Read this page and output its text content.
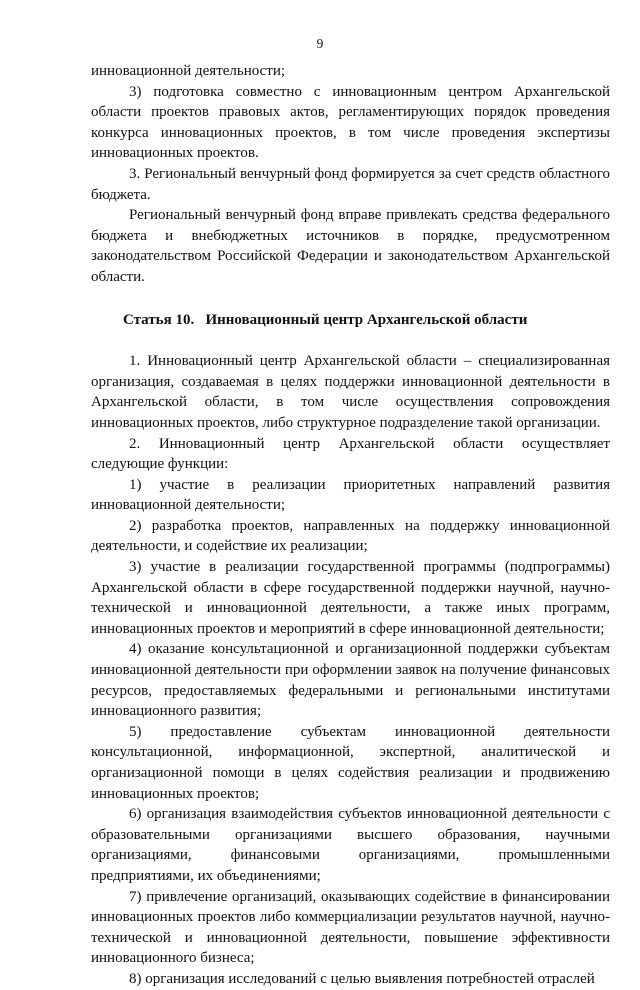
9

инновационной деятельности;

3) подготовка совместно с инновационным центром Архангельской области проектов правовых актов, регламентирующих порядок проведения конкурса инновационных проектов, в том числе проведения экспертизы инновационных проектов.

3. Региональный венчурный фонд формируется за счет средств областного бюджета.

Региональный венчурный фонд вправе привлекать средства федерального бюджета и внебюджетных источников в порядке, предусмотренном законодательством Российской Федерации и законодательством Архангельской области.

Статья 10.   Инновационный центр Архангельской области

1. Инновационный центр Архангельской области – специализированная организация, создаваемая в целях поддержки инновационной деятельности в Архангельской области, в том числе осуществления сопровождения инновационных проектов, либо структурное подразделение такой организации.

2. Инновационный центр Архангельской области осуществляет следующие функции:

1) участие в реализации приоритетных направлений развития инновационной деятельности;

2) разработка проектов, направленных на поддержку инновационной деятельности, и содействие их реализации;

3) участие в реализации государственной программы (подпрограммы) Архангельской области в сфере государственной поддержки научной, научно-технической и инновационной деятельности, а также иных программ, инновационных проектов и мероприятий в сфере инновационной деятельности;

4) оказание консультационной и организационной поддержки субъектам инновационной деятельности при оформлении заявок на получение финансовых ресурсов, предоставляемых федеральными и региональными институтами инновационного развития;

5) предоставление субъектам инновационной деятельности консультационной, информационной, экспертной, аналитической и организационной помощи в целях содействия реализации и продвижению инновационных проектов;

6) организация взаимодействия субъектов инновационной деятельности с образовательными организациями высшего образования, научными организациями, финансовыми организациями, промышленными предприятиями, их объединениями;

7) привлечение организаций, оказывающих содействие в финансировании инновационных проектов либо коммерциализации результатов научной, научно-технической и инновационной деятельности, повышение эффективности инновационного бизнеса;

8) организация исследований с целью выявления потребностей отраслей
